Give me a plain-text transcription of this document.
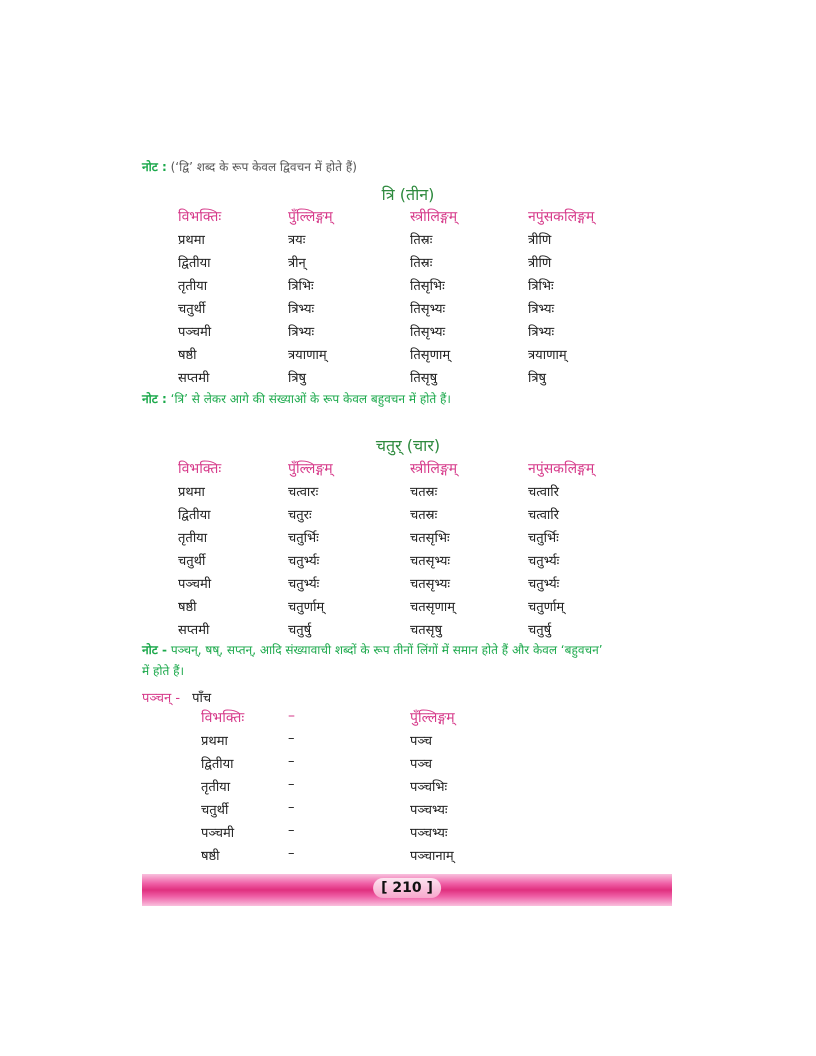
नोट : (‘द्वि’ शब्द के रूप केवल द्विवचन में होते हैं)
त्रि (तीन)
विभक्तिः	पुँल्लिङ्गम्	स्त्रीलिङ्गम्	नपुंसकलिङ्गम्
प्रथमा	त्रयः	तिस्रः	त्रीणि
द्वितीया	त्रीन्	तिस्रः	त्रीणि
तृतीया	त्रिभिः	तिसृभिः	त्रिभिः
चतुर्थी	त्रिभ्यः	तिसृभ्यः	त्रिभ्यः
पञ्चमी	त्रिभ्यः	तिसृभ्यः	त्रिभ्यः
षष्ठी	त्रयाणाम्	तिसृणाम्	त्रयाणाम्
सप्तमी	त्रिषु	तिसृषु	त्रिषु
नोट : ‘त्रि’ से लेकर आगे की संख्याओं के रूप केवल बहुवचन में होते हैं।
चतुर् (चार)
विभक्तिः	पुँल्लिङ्गम्	स्त्रीलिङ्गम्	नपुंसकलिङ्गम्
प्रथमा	चत्वारः	चतस्रः	चत्वारि
द्वितीया	चतुरः	चतस्रः	चत्वारि
तृतीया	चतुर्भिः	चतसृभिः	चतुर्भिः
चतुर्थी	चतुर्भ्यः	चतसृभ्यः	चतुर्भ्यः
पञ्चमी	चतुर्भ्यः	चतसृभ्यः	चतुर्भ्यः
षष्ठी	चतुर्णाम्	चतसृणाम्	चतुर्णाम्
सप्तमी	चतुर्षु	चतसृषु	चतुर्षु
नोट - पञ्चन्, षष्, सप्तन्, आदि संख्यावाची शब्दों के रूप तीनों लिंगों में समान होते हैं और केवल ‘बहुवचन’
में होते हैं।
पञ्चन् - पाँच
विभक्तिः	–	पुँल्लिङ्गम्
प्रथमा	–	पञ्च
द्वितीया	–	पञ्च
तृतीया	–	पञ्चभिः
चतुर्थी	–	पञ्चभ्यः
पञ्चमी	–	पञ्चभ्यः
षष्ठी	–	पञ्चानाम्
[ 210 ]
